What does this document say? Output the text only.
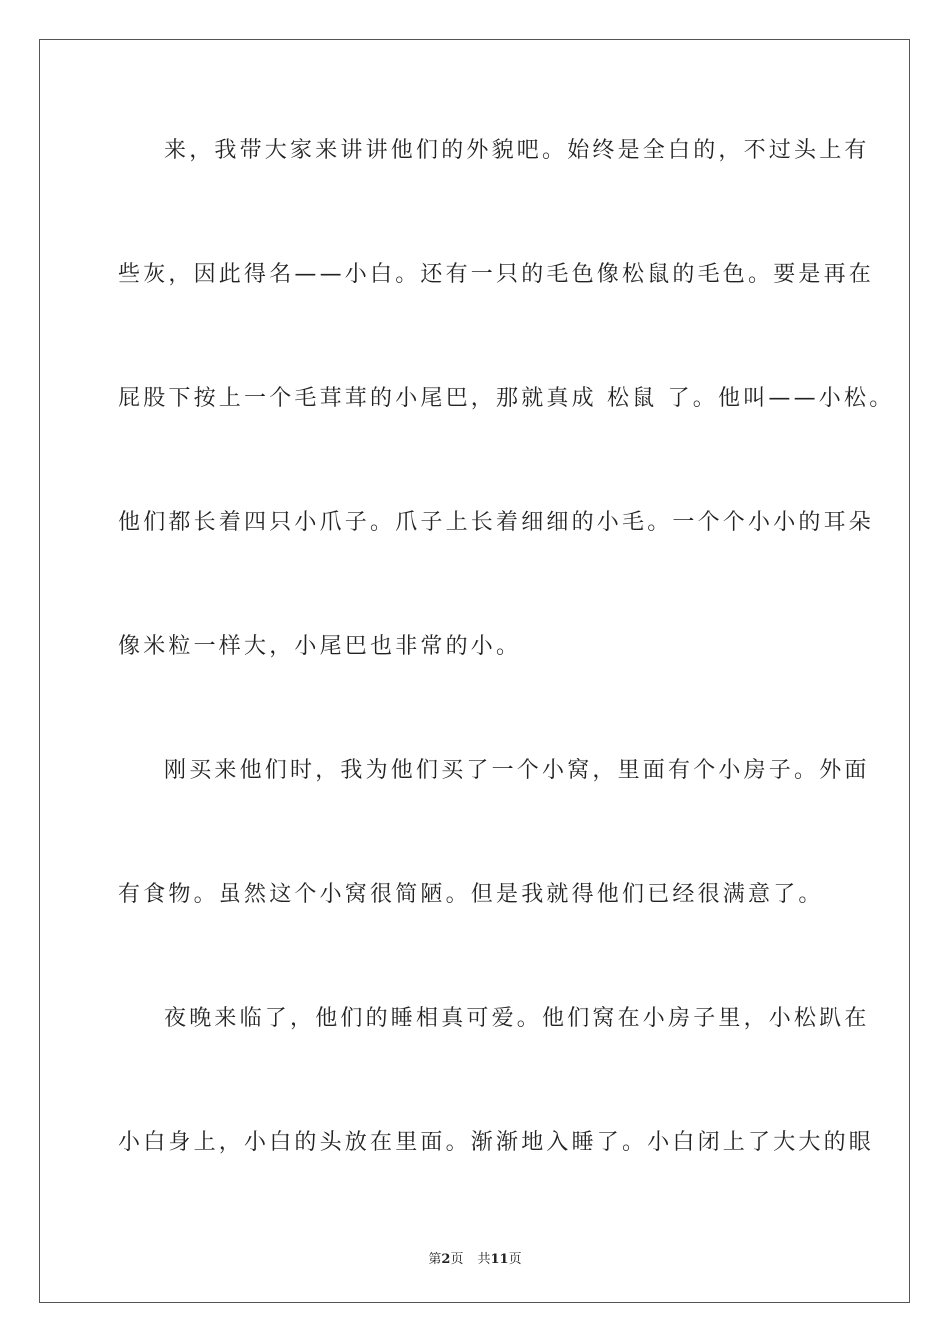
来，我带大家来讲讲他们的外貌吧。始终是全白的，不过头上有
些灰，因此得名——小白。还有一只的毛色像松鼠的毛色。要是再在
屁股下按上一个毛茸茸的小尾巴，那就真成 松鼠 了。他叫——小松。
他们都长着四只小爪子。爪子上长着细细的小毛。一个个小小的耳朵
像米粒一样大，小尾巴也非常的小。
刚买来他们时，我为他们买了一个小窝，里面有个小房子。外面
有食物。虽然这个小窝很简陋。但是我就得他们已经很满意了。
夜晚来临了，他们的睡相真可爱。他们窝在小房子里，小松趴在
小白身上，小白的头放在里面。渐渐地入睡了。小白闭上了大大的眼
第2页 共11页
